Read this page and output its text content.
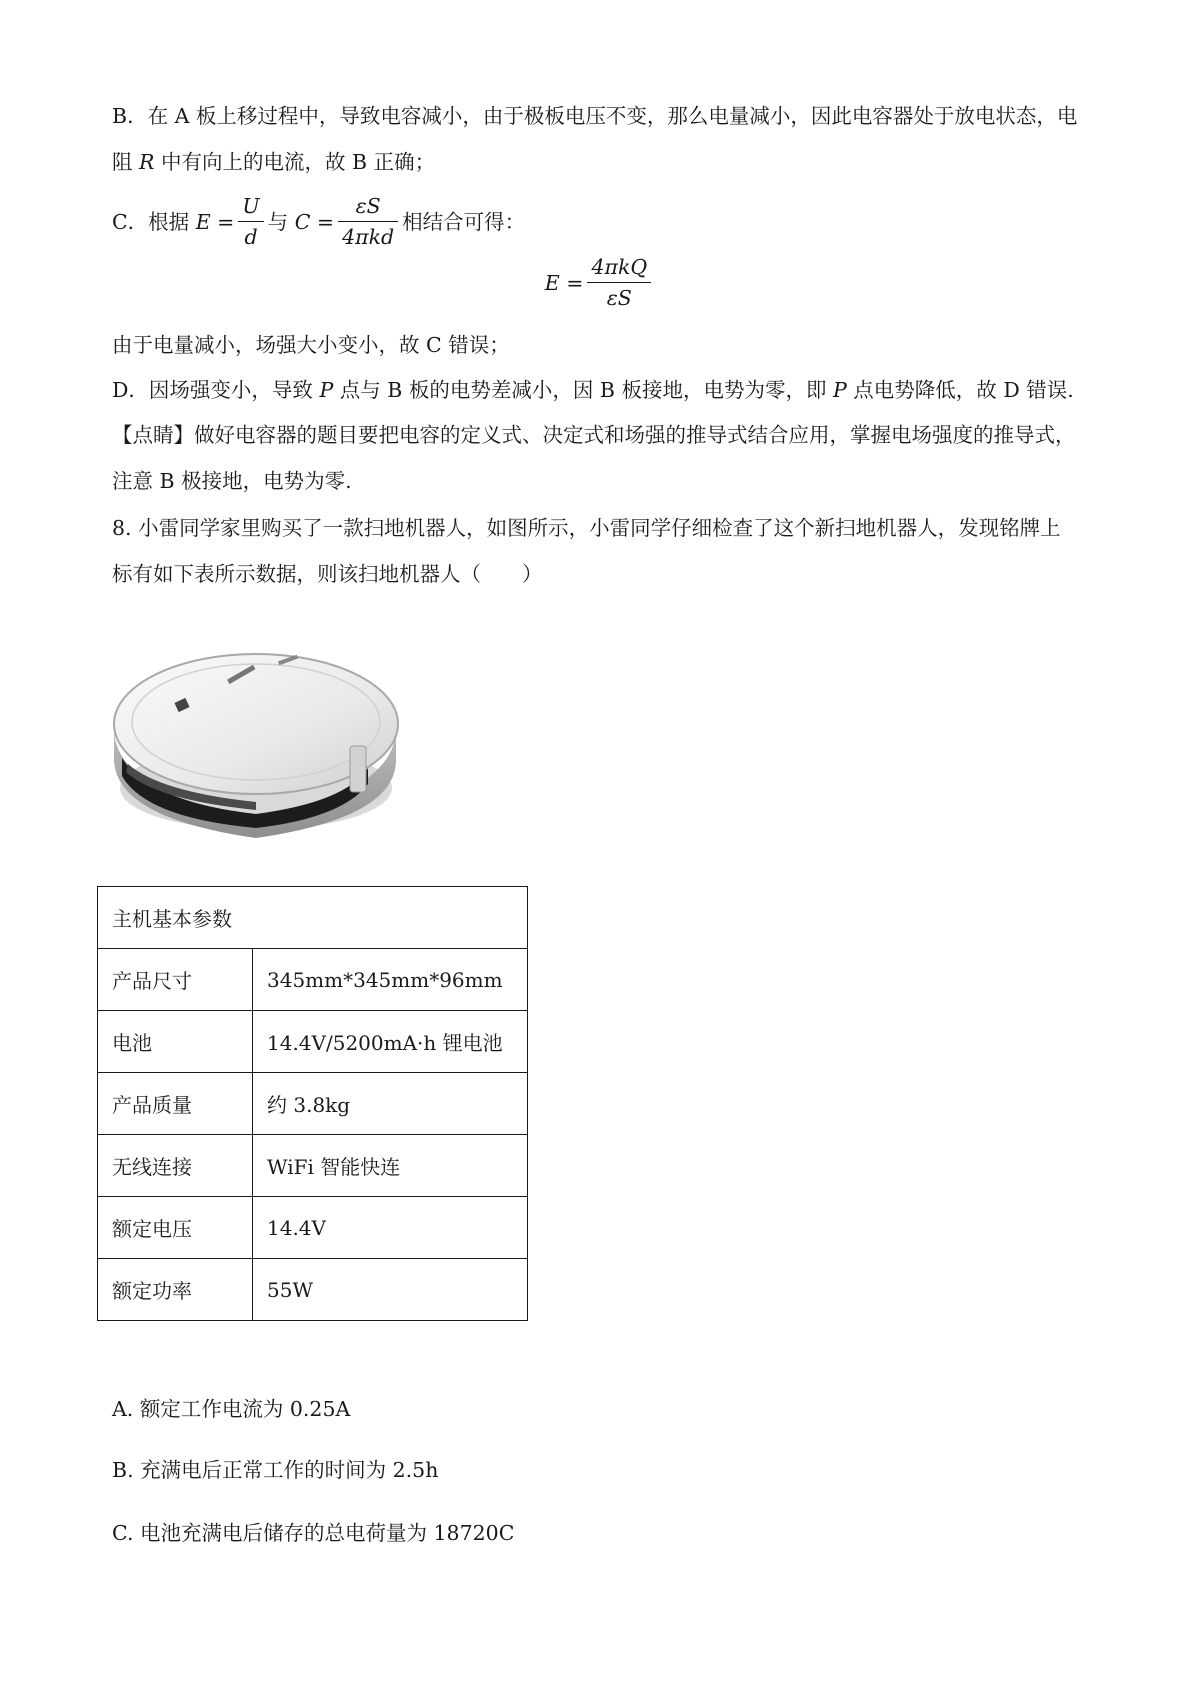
B．在 A 板上移过程中，导致电容减小，由于极板电压不变，那么电量减小，因此电容器处于放电状态，电
阻 R 中有向上的电流，故 B 正确；

C．根据 $E = \frac{U}{d}$ 与 $C = \frac{\varepsilon S}{\text{4πkd}}$ 相结合可得：
$E = \frac{\text{4πkQ}}{\varepsilon S}$

由于电量减小，场强大小变小，故 C 错误；

D．因场强变小，导致 P 点与 B 板的电势差减小，因 B 板接地，电势为零，即 P 点电势降低，故 D 错误.

【点睛】做好电容器的题目要把电容的定义式、决定式和场强的推导式结合应用，掌握电场强度的推导式，
注意 B 极接地，电势为零.

8. 小雷同学家里购买了一款扫地机器人，如图所示，小雷同学仔细检查了这个新扫地机器人，发现铭牌上
标有如下表所示数据，则该扫地机器人（　　）

主机基本参数	
产品尺寸	345mm*345mm*96mm
电池	14.4V/5200mA·h 锂电池
产品质量	约 3.8kg
无线连接	WiFi 智能快连
额定电压	14.4V
额定功率	55W
A. 额定工作电流为 0.25A
B. 充满电后正常工作的时间为 2.5h
C. 电池充满电后储存的总电荷量为 18720C
